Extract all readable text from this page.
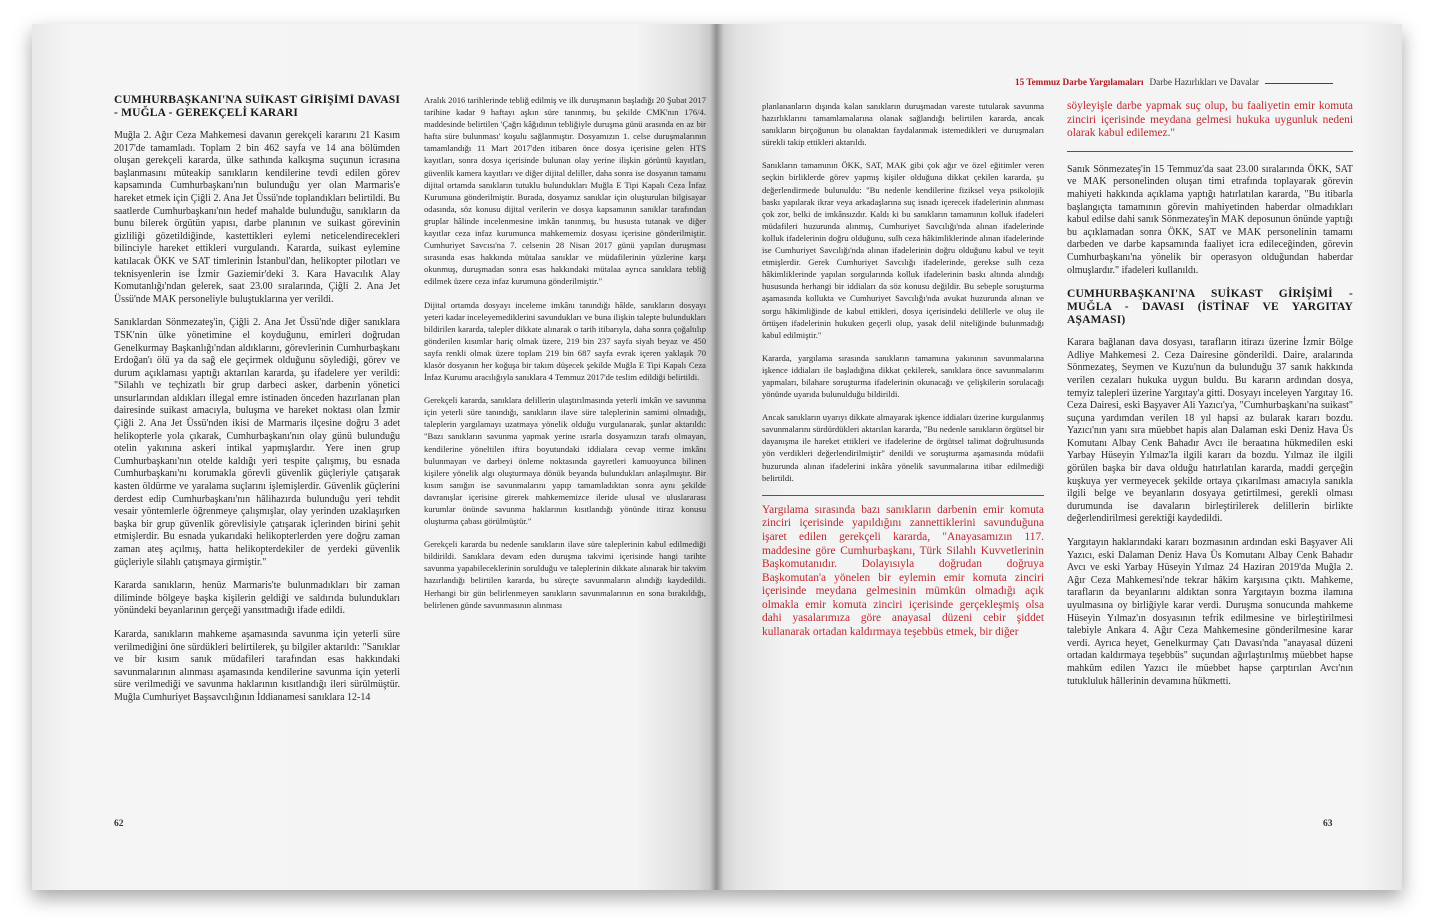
CUMHURBAŞKANI'NA SUİKAST GİRİŞİMİ DAVASI - MUĞLA - GEREKÇELİ KARARI

Muğla 2. Ağır Ceza Mahkemesi davanın gerekçeli kararını 21 Kasım 2017'de tamamladı. Toplam 2 bin 462 sayfa ve 14 ana bölümden oluşan gerekçeli kararda, ülke sathında kalkışma suçunun icrasına başlanmasını müteakip sanıkların kendilerine tevdi edilen görev kapsamında Cumhurbaşkanı'nın bulunduğu yer olan Marmaris'e hareket etmek için Çiğli 2. Ana Jet Üssü'nde toplandıkları belirtildi. Bu saatlerde Cumhurbaşkanı'nın hedef mahalde bulunduğu, sanıkların da bunu bilerek örgütün yapısı, darbe planının ve suikast görevinin gizliliği gözetildiğinde, kastettikleri eylemi neticelendirecekleri bilinciyle hareket ettikleri vurgulandı. Kararda, suikast eylemine katılacak ÖKK ve SAT timlerinin İstanbul'dan, helikopter pilotları ve teknisyenlerin ise İzmir Gaziemir'deki 3. Kara Havacılık Alay Komutanlığı'ndan gelerek, saat 23.00 sıralarında, Çiğli 2. Ana Jet Üssü'nde MAK personeliyle buluştuklarına yer verildi.

Sanıklardan Sönmezateş'in, Çiğli 2. Ana Jet Üssü'nde diğer sanıklara TSK'nin ülke yönetimine el koyduğunu, emirleri doğrudan Genelkurmay Başkanlığı'ndan aldıklarını, görevlerinin Cumhurbaşkanı Erdoğan'ı ölü ya da sağ ele geçirmek olduğunu söylediği, görev ve durum açıklaması yaptığı aktarılan kararda, şu ifadelere yer verildi: "Silahlı ve teçhizatlı bir grup darbeci asker, darbenin yönetici unsurlarından aldıkları illegal emre istinaden önceden hazırlanan plan dairesinde suikast amacıyla, buluşma ve hareket noktası olan İzmir Çiğli 2. Ana Jet Üssü'nden ikisi de Marmaris ilçesine doğru 3 adet helikopterle yola çıkarak, Cumhurbaşkanı'nın olay günü bulunduğu otelin yakınına askeri intikal yapmışlardır. Yere inen grup Cumhurbaşkanı'nın otelde kaldığı yeri tespite çalışmış, bu esnada Cumhurbaşkanı'nı korumakla görevli güvenlik güçleriyle çatışarak kasten öldürme ve yaralama suçlarını işlemişlerdir. Güvenlik güçlerini derdest edip Cumhurbaşkanı'nın hâlihazırda bulunduğu yeri tehdit vesair yöntemlerle öğrenmeye çalışmışlar, olay yerinden uzaklaşırken başka bir grup güvenlik görevlisiyle çatışarak içlerinden birini şehit etmişlerdir. Bu esnada yukarıdaki helikopterlerden yere doğru zaman zaman ateş açılmış, hatta helikopterdekiler de yerdeki güvenlik güçleriyle silahlı çatışmaya girmiştir."

Kararda sanıkların, henüz Marmaris'te bulunmadıkları bir zaman diliminde bölgeye başka kişilerin geldiği ve saldırıda bulundukları yönündeki beyanlarının gerçeği yansıtmadığı ifade edildi.

Kararda, sanıkların mahkeme aşamasında savunma için yeterli süre verilmediğini öne sürdükleri belirtilerek, şu bilgiler aktarıldı: "Sanıklar ve bir kısım sanık müdafileri tarafından esas hakkındaki savunmalarının alınması aşamasında kendilerine savunma için yeterli süre verilmediği ve savunma haklarının kısıtlandığı ileri sürülmüştür. Muğla Cumhuriyet Başsavcılığının İddianamesi sanıklara 12-14

Aralık 2016 tarihlerinde tebliğ edilmiş ve ilk duruşmanın başladığı 20 Şubat 2017 tarihine kadar 9 haftayı aşkın süre tanınmış, bu şekilde CMK'nın 176/4. maddesinde belirtilen 'Çağrı kâğıdının tebliğiyle duruşma günü arasında en az bir hafta süre bulunması' koşulu sağlanmıştır. Dosyamızın 1. celse duruşmalarının tamamlandığı 11 Mart 2017'den itibaren önce dosya içerisine gelen HTS kayıtları, sonra dosya içerisinde bulunan olay yerine ilişkin görüntü kayıtları, güvenlik kamera kayıtları ve diğer dijital deliller, daha sonra ise dosyanın tamamı dijital ortamda sanıkların tutuklu bulundukları Muğla E Tipi Kapalı Ceza İnfaz Kurumuna gönderilmiştir. Burada, dosyamız sanıklar için oluşturulan bilgisayar odasında, söz konusu dijital verilerin ve dosya kapsamının sanıklar tarafından gruplar hâlinde incelenmesine imkân tanınmış, bu hususta tutanak ve diğer kayıtlar ceza infaz kurumunca mahkememiz dosyası içerisine gönderilmiştir. Cumhuriyet Savcısı'na 7. celsenin 28 Nisan 2017 günü yapılan duruşması sırasında esas hakkında mütalaa sanıklar ve müdafilerinin yüzlerine karşı okunmuş, duruşmadan sonra esas hakkındaki mütalaa ayrıca sanıklara tebliğ edilmek üzere ceza infaz kurumuna gönderilmiştir."

Dijital ortamda dosyayı inceleme imkânı tanındığı hâlde, sanıkların dosyayı yeteri kadar inceleyemediklerini savundukları ve buna ilişkin talepte bulundukları bildirilen kararda, talepler dikkate alınarak o tarih itibarıyla, daha sonra çoğaltılıp gönderilen kısımlar hariç olmak üzere, 219 bin 237 sayfa siyah beyaz ve 450 sayfa renkli olmak üzere toplam 219 bin 687 sayfa evrak içeren yaklaşık 70 klasör dosyanın her koğuşa bir takım düşecek şekilde Muğla E Tipi Kapalı Ceza İnfaz Kurumu aracılığıyla sanıklara 4 Temmuz 2017'de teslim edildiği belirtildi.

Gerekçeli kararda, sanıklara delillerin ulaştırılmasında yeterli imkân ve savunma için yeterli süre tanındığı, sanıkların ilave süre taleplerinin samimi olmadığı, taleplerin yargılamayı uzatmaya yönelik olduğu vurgulanarak, şunlar aktarıldı: "Bazı sanıkların savunma yapmak yerine ısrarla dosyamızın tarafı olmayan, kendilerine yöneltilen iftira boyutundaki iddialara cevap verme imkânı bulunmayan ve darbeyi önleme noktasında gayretleri kamuoyunca bilinen kişilere yönelik algı oluşturmaya dönük beyanda bulundukları anlaşılmıştır. Bir kısım sanığın ise savunmalarını yapıp tamamladıktan sonra aynı şekilde davranışlar içerisine girerek mahkememizce ileride ulusal ve uluslararası kurumlar önünde savunma haklarının kısıtlandığı yönünde itiraz konusu oluşturma çabası görülmüştür."

Gerekçeli kararda bu nedenle sanıkların ilave süre taleplerinin kabul edilmediği bildirildi. Sanıklara devam eden duruşma takvimi içerisinde hangi tarihte savunma yapabileceklerinin sorulduğu ve taleplerinin dikkate alınarak bir takvim hazırlandığı belirtilen kararda, bu süreçte savunmaların alındığı kaydedildi. Herhangi bir gün belirlenmeyen sanıkların savunmalarının en sona bırakıldığı, belirlenen günde savunmasının alınması

62
15 Temmuz Darbe Yargılamaları Darbe Hazırlıkları ve Davalar

planlananların dışında kalan sanıkların duruşmadan vareste tutularak savunma hazırlıklarını tamamlamalarına olanak sağlandığı belirtilen kararda, ancak sanıkların birçoğunun bu olanaktan faydalanmak istemedikleri ve duruşmaları sürekli takip ettikleri aktarıldı.

Sanıkların tamamının ÖKK, SAT, MAK gibi çok ağır ve özel eğitimler veren seçkin birliklerde görev yapmış kişiler olduğuna dikkat çekilen kararda, şu değerlendirmede bulunuldu: "Bu nedenle kendilerine fiziksel veya psikolojik baskı yapılarak ikrar veya arkadaşlarına suç isnadı içerecek ifadelerinin alınması çok zor, belki de imkânsızdır. Kaldı ki bu sanıkların tamamının kolluk ifadeleri müdafileri huzurunda alınmış, Cumhuriyet Savcılığı'nda alınan ifadelerinde kolluk ifadelerinin doğru olduğunu, sulh ceza hâkimliklerinde alınan ifadelerinde ise Cumhuriyet Savcılığı'nda alınan ifadelerinin doğru olduğunu kabul ve teyit etmişlerdir. Gerek Cumhuriyet Savcılığı ifadelerinde, gerekse sulh ceza hâkimliklerinde yapılan sorgularında kolluk ifadelerinin baskı altında alındığı hususunda herhangi bir iddiaları da söz konusu değildir. Bu sebeple soruşturma aşamasında kollukta ve Cumhuriyet Savcılığı'nda avukat huzurunda alınan ve sorgu hâkimliğinde de kabul ettikleri, dosya içerisindeki delillerle ve oluş ile örtüşen ifadelerinin hukuken geçerli olup, yasak delil niteliğinde bulunmadığı kabul edilmiştir."

Kararda, yargılama sırasında sanıkların tamamına yakınının savunmalarına işkence iddiaları ile başladığına dikkat çekilerek, sanıklara önce savunmalarını yapmaları, bilahare soruşturma ifadelerinin okunacağı ve çelişkilerin sorulacağı yönünde uyarıda bulunulduğu bildirildi.

Ancak sanıkların uyarıyı dikkate almayarak işkence iddiaları üzerine kurgulanmış savunmalarını sürdürdükleri aktarılan kararda, "Bu nedenle sanıkların örgütsel bir dayanışma ile hareket ettikleri ve ifadelerine de örgütsel talimat doğrultusunda yön verdikleri değerlendirilmiştir" denildi ve soruşturma aşamasında müdafii huzurunda alınan ifadelerini inkâra yönelik savunmalarına itibar edilmediği belirtildi.

Yargılama sırasında bazı sanıkların darbenin emir komuta zinciri içerisinde yapıldığını zannettiklerini savunduğuna işaret edilen gerekçeli kararda, "Anayasamızın 117. maddesine göre Cumhurbaşkanı, Türk Silahlı Kuvvetlerinin Başkomutanıdır. Dolayısıyla doğrudan doğruya Başkomutan'a yönelen bir eylemin emir komuta zinciri içerisinde meydana gelmesinin mümkün olmadığı açık olmakla emir komuta zinciri içerisinde gerçekleşmiş olsa dahi yasalarımıza göre anayasal düzeni cebir şiddet kullanarak ortadan kaldırmaya teşebbüs etmek, bir diğer
söyleyişle darbe yapmak suç olup, bu faaliyetin emir komuta zinciri içerisinde meydana gelmesi hukuka uygunluk nedeni olarak kabul edilemez."

Sanık Sönmezateş'in 15 Temmuz'da saat 23.00 sıralarında ÖKK, SAT ve MAK personelinden oluşan timi etrafında toplayarak görevin mahiyeti hakkında açıklama yaptığı hatırlatılan kararda, "Bu itibarla başlangıçta tamamının görevin mahiyetinden haberdar olmadıkları kabul edilse dahi sanık Sönmezateş'in MAK deposunun önünde yaptığı bu açıklamadan sonra ÖKK, SAT ve MAK personelinin tamamı darbeden ve darbe kapsamında faaliyet icra edileceğinden, görevin Cumhurbaşkanı'na yönelik bir operasyon olduğundan haberdar olmuşlardır." ifadeleri kullanıldı.

CUMHURBAŞKANI'NA SUİKAST GİRİŞİMİ - MUĞLA - DAVASI (İSTİNAF VE YARGITAY AŞAMASI)

Karara bağlanan dava dosyası, tarafların itirazı üzerine İzmir Bölge Adliye Mahkemesi 2. Ceza Dairesine gönderildi. Daire, aralarında Sönmezateş, Seymen ve Kuzu'nun da bulunduğu 37 sanık hakkında verilen cezaları hukuka uygun buldu. Bu kararın ardından dosya, temyiz talepleri üzerine Yargıtay'a gitti. Dosyayı inceleyen Yargıtay 16. Ceza Dairesi, eski Başyaver Ali Yazıcı'ya, "Cumhurbaşkanı'na suikast" suçuna yardımdan verilen 18 yıl hapsi az bularak kararı bozdu. Yazıcı'nın yanı sıra müebbet hapis alan Dalaman eski Deniz Hava Üs Komutanı Albay Cenk Bahadır Avcı ile beraatına hükmedilen eski Yarbay Hüseyin Yılmaz'la ilgili kararı da bozdu. Yılmaz ile ilgili görülen başka bir dava olduğu hatırlatılan kararda, maddi gerçeğin kuşkuya yer vermeyecek şekilde ortaya çıkarılması amacıyla sanıkla ilgili belge ve beyanların dosyaya getirtilmesi, gerekli olması durumunda ise davaların birleştirilerek delillerin birlikte değerlendirilmesi gerektiği kaydedildi.

Yargıtayın haklarındaki kararı bozmasının ardından eski Başyaver Ali Yazıcı, eski Dalaman Deniz Hava Üs Komutanı Albay Cenk Bahadır Avcı ve eski Yarbay Hüseyin Yılmaz 24 Haziran 2019'da Muğla 2. Ağır Ceza Mahkemesi'nde tekrar hâkim karşısına çıktı. Mahkeme, tarafların da beyanlarını aldıktan sonra Yargıtayın bozma ilamına uyulmasına oy birliğiyle karar verdi. Duruşma sonucunda mahkeme Hüseyin Yılmaz'ın dosyasının tefrik edilmesine ve birleştirilmesi talebiyle Ankara 4. Ağır Ceza Mahkemesine gönderilmesine karar verdi. Ayrıca heyet, Genelkurmay Çatı Davası'nda "anayasal düzeni ortadan kaldırmaya teşebbüs" suçundan ağırlaştırılmış müebbet hapse mahkûm edilen Yazıcı ile müebbet hapse çarptırılan Avcı'nın tutukluluk hâllerinin devamına hükmetti.

63
